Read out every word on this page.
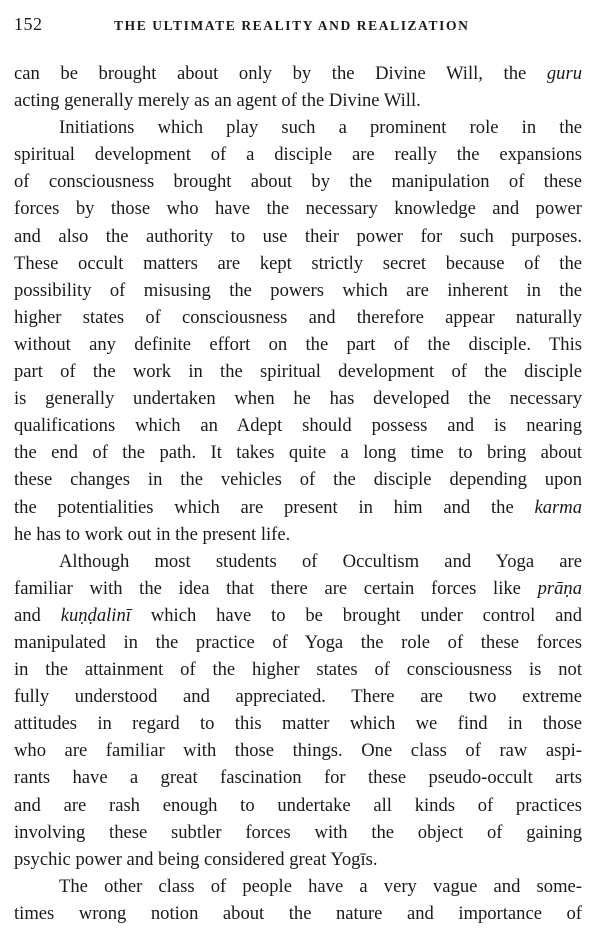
152	THE ULTIMATE REALITY AND REALIZATION
can be brought about only by the Divine Will, the guru
acting generally merely as an agent of the Divine Will.
Initiations which play such a prominent role in the
spiritual development of a disciple are really the expansions
of consciousness brought about by the manipulation of these
forces by those who have the necessary knowledge and power
and also the authority to use their power for such purposes.
These occult matters are kept strictly secret because of the
possibility of misusing the powers which are inherent in the
higher states of consciousness and therefore appear naturally
without any definite effort on the part of the disciple. This
part of the work in the spiritual development of the disciple
is generally undertaken when he has developed the necessary
qualifications which an Adept should possess and is nearing
the end of the path. It takes quite a long time to bring about
these changes in the vehicles of the disciple depending upon
the potentialities which are present in him and the karma
he has to work out in the present life.
Although most students of Occultism and Yoga are
familiar with the idea that there are certain forces like prāṇa
and kuṇḍalinī which have to be brought under control and
manipulated in the practice of Yoga the role of these forces
in the attainment of the higher states of consciousness is not
fully understood and appreciated. There are two extreme
attitudes in regard to this matter which we find in those
who are familiar with those things. One class of raw aspi-
rants have a great fascination for these pseudo-occult arts
and are rash enough to undertake all kinds of practices
involving these subtler forces with the object of gaining
psychic power and being considered great Yogīs.
The other class of people have a very vague and some-
times wrong notion about the nature and importance of
